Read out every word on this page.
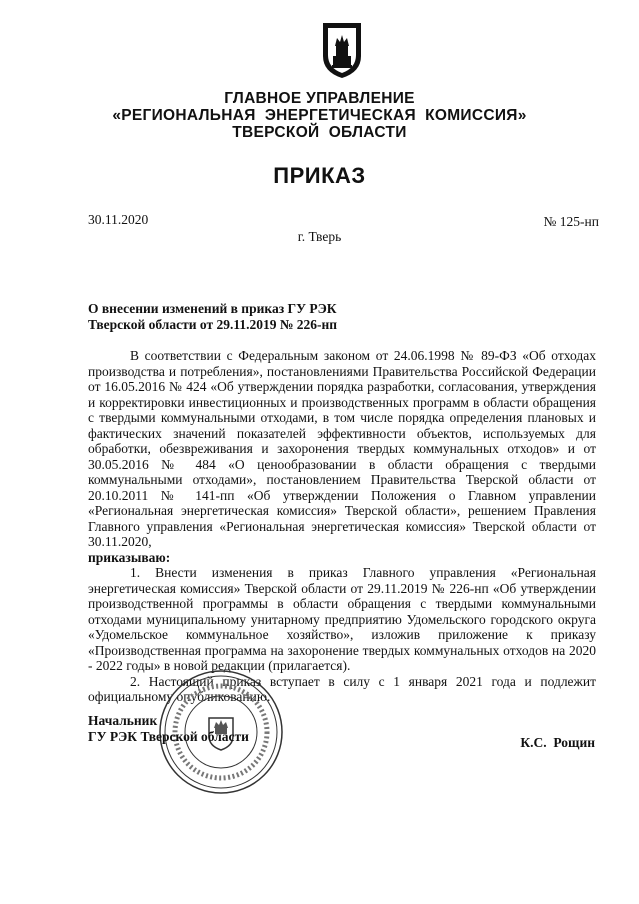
ГЛАВНОЕ УПРАВЛЕНИЕ
«РЕГИОНАЛЬНАЯ  ЭНЕРГЕТИЧЕСКАЯ  КОМИССИЯ»
ТВЕРСКОЙ  ОБЛАСТИ
ПРИКАЗ
30.11.2020	№ 125-нп
г. Тверь
О внесении изменений в приказ ГУ РЭК
Тверской области от 29.11.2019 № 226-нп

В соответствии с Федеральным законом от 24.06.1998 № 89-ФЗ «Об отходах производства и потребления», постановлениями Правительства Российской Федерации от 16.05.2016 № 424 «Об утверждении порядка разработки, согласования, утверждения и корректировки инвестиционных и производственных программ в области обращения с твердыми коммунальными отходами, в том числе порядка определения плановых и фактических значений показателей эффективности объектов, используемых для обработки, обезвреживания и захоронения твердых коммунальных отходов» и от 30.05.2016 № 484 «О ценообразовании в области обращения с твердыми коммунальными отходами», постановлением Правительства Тверской области от 20.10.2011 № 141-пп «Об утверждении Положения о Главном управлении «Региональная энергетическая комиссия» Тверской области», решением Правления Главного управления «Региональная энергетическая комиссия» Тверской области от 30.11.2020,

приказываю:

1. Внести изменения в приказ Главного управления «Региональная энергетическая комиссия» Тверской области от 29.11.2019 № 226-нп «Об утверждении производственной программы в области обращения с твердыми коммунальными отходами муниципальному унитарному предприятию Удомельского городского округа «Удомельское коммунальное хозяйство», изложив приложение к приказу «Производственная программа на захоронение твердых коммунальных отходов на 2020 - 2022 годы» в новой редакции (прилагается).

2. Настоящий приказ вступает в силу с 1 января 2021 года и подлежит официальному опубликованию.

Начальник
ГУ РЭК Тверской области	К.С.  Рощин
